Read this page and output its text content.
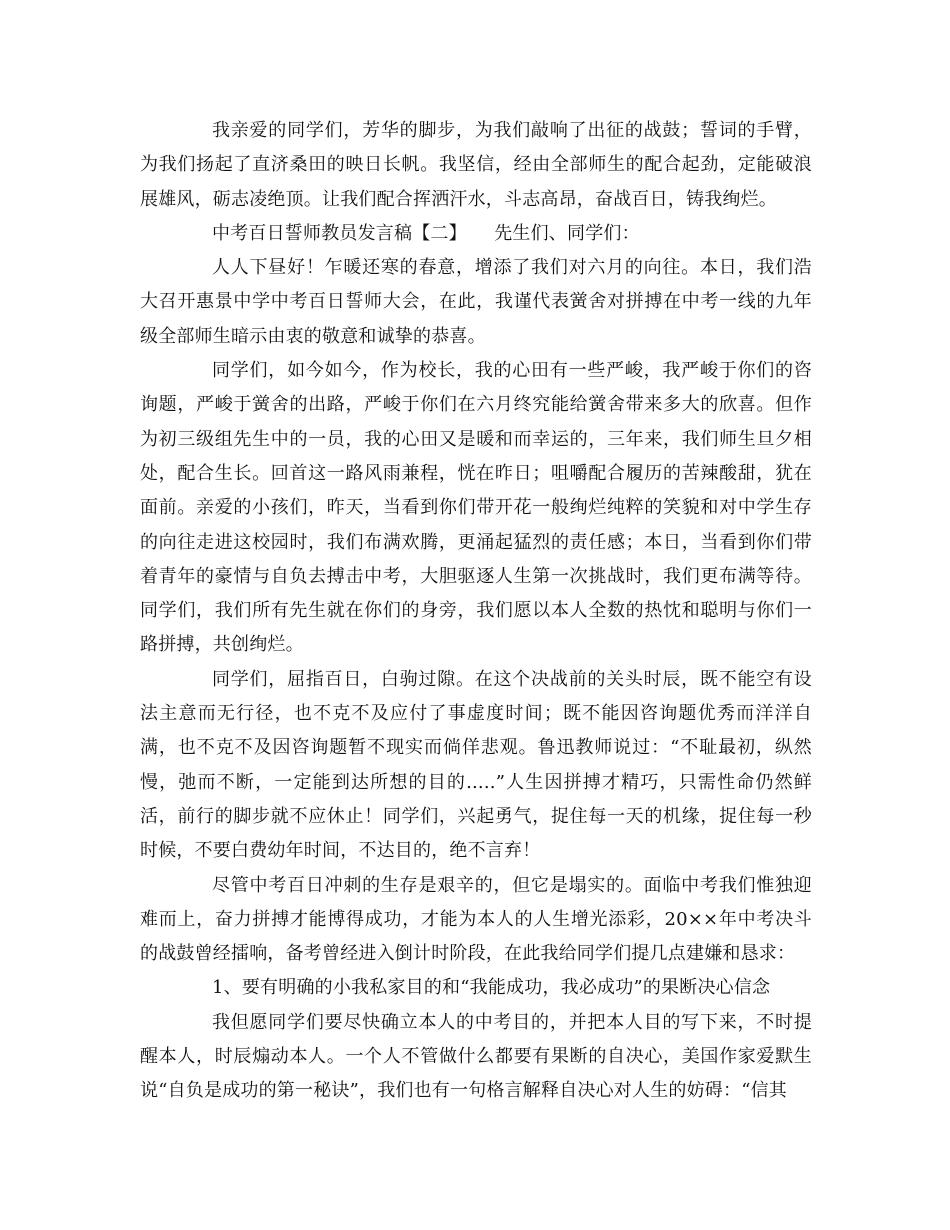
我亲爱的同学们，芳华的脚步，为我们敲响了出征的战鼓；誓词的手臂，为我们扬起了直济桑田的映日长帆。我坚信，经由全部师生的配合起劲，定能破浪展雄风，砺志凌绝顶。让我们配合挥洒汗水，斗志高昂，奋战百日，铸我绚烂。

中考百日誓师教员发言稿【二】　　先生们、同学们：

人人下昼好！乍暖还寒的春意，增添了我们对六月的向往。本日，我们浩大召开惠景中学中考百日誓师大会，在此，我谨代表黉舍对拼搏在中考一线的九年级全部师生暗示由衷的敬意和诚挚的恭喜。

同学们，如今如今，作为校长，我的心田有一些严峻，我严峻于你们的咨询题，严峻于黉舍的出路，严峻于你们在六月终究能给黉舍带来多大的欣喜。但作为初三级组先生中的一员，我的心田又是暖和而幸运的，三年来，我们师生旦夕相处，配合生长。回首这一路风雨兼程，恍在昨日；咀嚼配合履历的苦辣酸甜，犹在面前。亲爱的小孩们，昨天，当看到你们带开花一般绚烂纯粹的笑貌和对中学生存的向往走进这校园时，我们布满欢腾，更涌起猛烈的责任感；本日，当看到你们带着青年的豪情与自负去搏击中考，大胆驱逐人生第一次挑战时，我们更布满等待。同学们，我们所有先生就在你们的身旁，我们愿以本人全数的热忱和聪明与你们一路拼搏，共创绚烂。

同学们，屈指百日，白驹过隙。在这个决战前的关头时辰，既不能空有设法主意而无行径，也不克不及应付了事虚度时间；既不能因咨询题优秀而洋洋自满，也不克不及因咨询题暂不现实而倘佯悲观。鲁迅教师说过：“不耻最初，纵然慢，弛而不断，一定能到达所想的目的.....”人生因拼搏才精巧，只需性命仍然鲜活，前行的脚步就不应休止！同学们，兴起勇气，捉住每一天的机缘，捉住每一秒时候，不要白费幼年时间，不达目的，绝不言弃！

尽管中考百日冲刺的生存是艰辛的，但它是塌实的。面临中考我们惟独迎难而上，奋力拼搏才能博得成功，才能为本人的人生增光添彩，20××年中考决斗的战鼓曾经擂响，备考曾经进入倒计时阶段，在此我给同学们提几点建嫌和恳求：

1、要有明确的小我私家目的和“我能成功，我必成功”的果断决心信念

我但愿同学们要尽快确立本人的中考目的，并把本人目的写下来，不时提醒本人，时辰煽动本人。一个人不管做什么都要有果断的自决心，美国作家爱默生说“自负是成功的第一秘诀”，我们也有一句格言解释自决心对人生的妨碍：“信其
